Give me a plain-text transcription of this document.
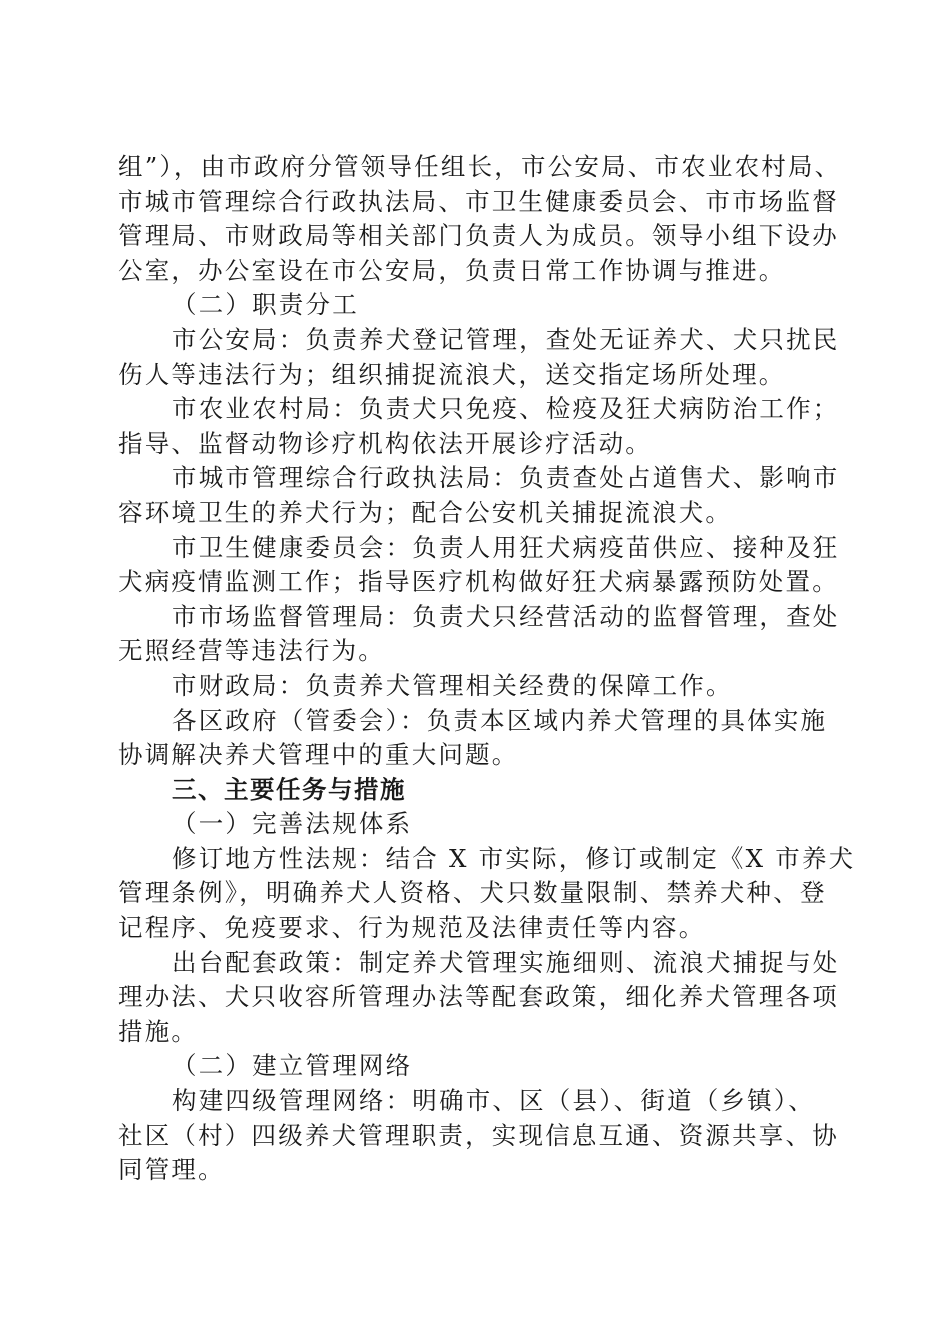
组”），由市政府分管领导任组长，市公安局、市农业农村局、
市城市管理综合行政执法局、市卫生健康委员会、市市场监督
管理局、市财政局等相关部门负责人为成员。领导小组下设办
公室，办公室设在市公安局，负责日常工作协调与推进。
（二）职责分工
市公安局：负责养犬登记管理，查处无证养犬、犬只扰民
伤人等违法行为；组织捕捉流浪犬，送交指定场所处理。
市农业农村局：负责犬只免疫、检疫及狂犬病防治工作；
指导、监督动物诊疗机构依法开展诊疗活动。
市城市管理综合行政执法局：负责查处占道售犬、影响市
容环境卫生的养犬行为；配合公安机关捕捉流浪犬。
市卫生健康委员会：负责人用狂犬病疫苗供应、接种及狂
犬病疫情监测工作；指导医疗机构做好狂犬病暴露预防处置。
市市场监督管理局：负责犬只经营活动的监督管理，查处
无照经营等违法行为。
市财政局：负责养犬管理相关经费的保障工作。
各区政府（管委会）：负责本区域内养犬管理的具体实施
协调解决养犬管理中的重大问题。
三、主要任务与措施
（一）完善法规体系
修订地方性法规：结合 X 市实际，修订或制定《X 市养犬
管理条例》，明确养犬人资格、犬只数量限制、禁养犬种、登
记程序、免疫要求、行为规范及法律责任等内容。
出台配套政策：制定养犬管理实施细则、流浪犬捕捉与处
理办法、犬只收容所管理办法等配套政策，细化养犬管理各项
措施。
（二）建立管理网络
构建四级管理网络：明确市、区（县）、街道（乡镇）、
社区（村）四级养犬管理职责，实现信息互通、资源共享、协
同管理。
